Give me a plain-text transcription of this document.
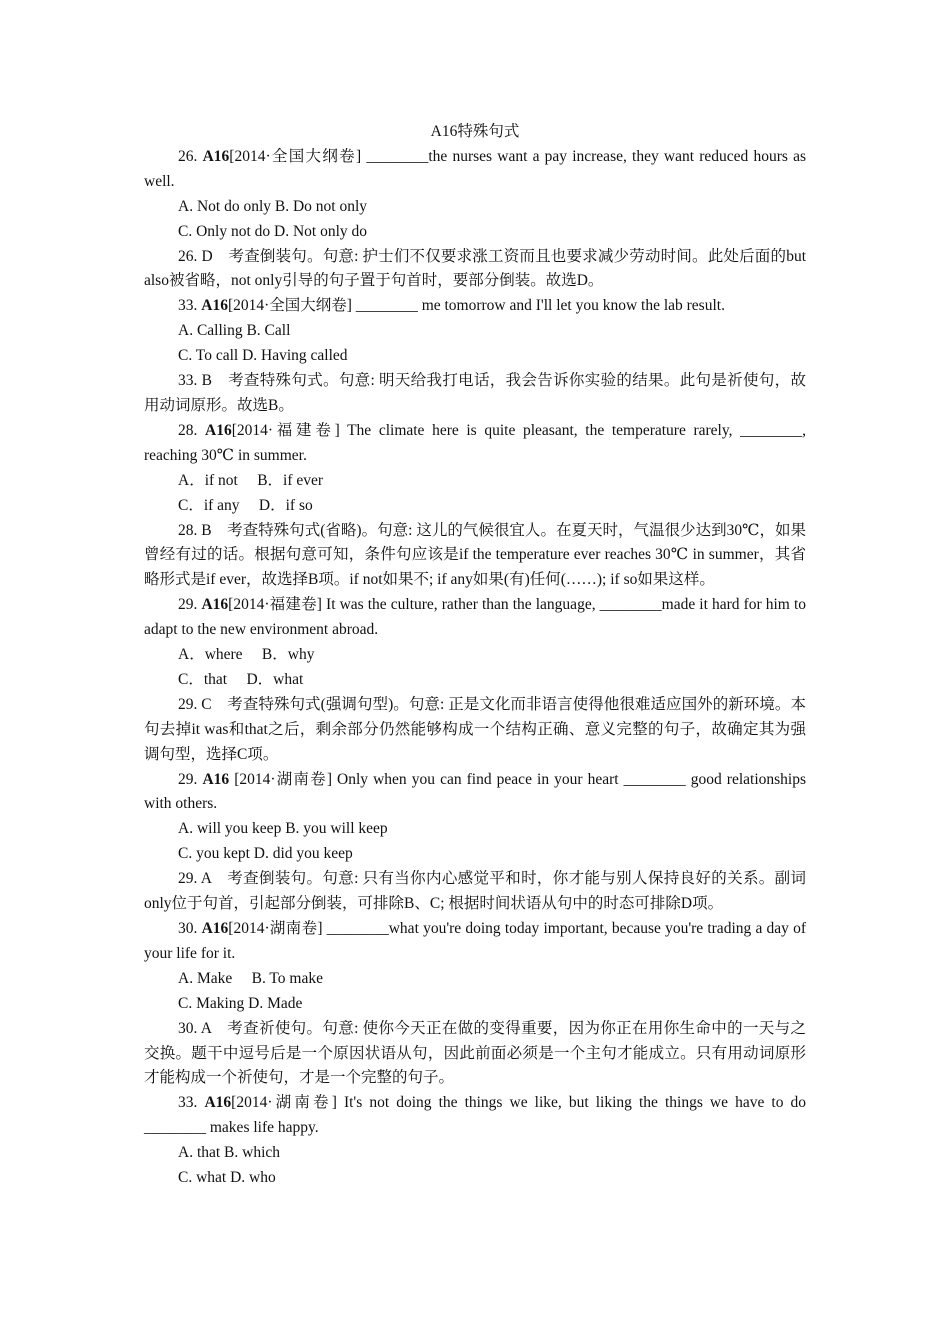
A16特殊句式

26. A16[2014·全国大纲卷] ________the nurses want a pay increase, they want reduced hours as well.

A. Not do only B. Do not only

C. Only not do D. Not only do

26. D　考查倒装句。句意: 护士们不仅要求涨工资而且也要求减少劳动时间。此处后面的but also被省略，not only引导的句子置于句首时，要部分倒装。故选D。

33. A16[2014·全国大纲卷] ________ me tomorrow and I'll let you know the lab result.

A. Calling B. Call

C. To call D. Having called

33. B　考查特殊句式。句意: 明天给我打电话，我会告诉你实验的结果。此句是祈使句，故用动词原形。故选B。

28. A16[2014·福建卷] The climate here is quite pleasant, the temperature rarely, ________, reaching 30℃ in summer.

A．if not　 B．if ever

C．if any　 D．if so

28. B　考查特殊句式(省略)。句意: 这儿的气候很宜人。在夏天时，气温很少达到30℃，如果曾经有过的话。根据句意可知，条件句应该是if the temperature ever reaches 30℃ in summer，其省略形式是if ever，故选择B项。if not如果不; if any如果(有)任何(……); if so如果这样。

29. A16[2014·福建卷] It was the culture, rather than the language, ________made it hard for him to adapt to the new environment abroad.

A．where　 B．why

C．that　 D．what

29. C　考查特殊句式(强调句型)。句意: 正是文化而非语言使得他很难适应国外的新环境。本句去掉it was和that之后，剩余部分仍然能够构成一个结构正确、意义完整的句子，故确定其为强调句型，选择C项。

29. A16 [2014·湖南卷] Only when you can find peace in your heart ________ good relationships with others.

A. will you keep B. you will keep

C. you kept D. did you keep

29. A　考查倒装句。句意: 只有当你内心感觉平和时，你才能与别人保持良好的关系。副词only位于句首，引起部分倒装，可排除B、C; 根据时间状语从句中的时态可排除D项。

30. A16[2014·湖南卷] ________what you're doing today important, because you're trading a day of your life for it.

A. Make　 B. To make

C. Making D. Made

30. A　考查祈使句。句意: 使你今天正在做的变得重要，因为你正在用你生命中的一天与之交换。题干中逗号后是一个原因状语从句，因此前面必须是一个主句才能成立。只有用动词原形才能构成一个祈使句，才是一个完整的句子。

33. A16[2014·湖南卷] It's not doing the things we like, but liking the things we have to do ________ makes life happy.

A. that B. which

C. what D. who
